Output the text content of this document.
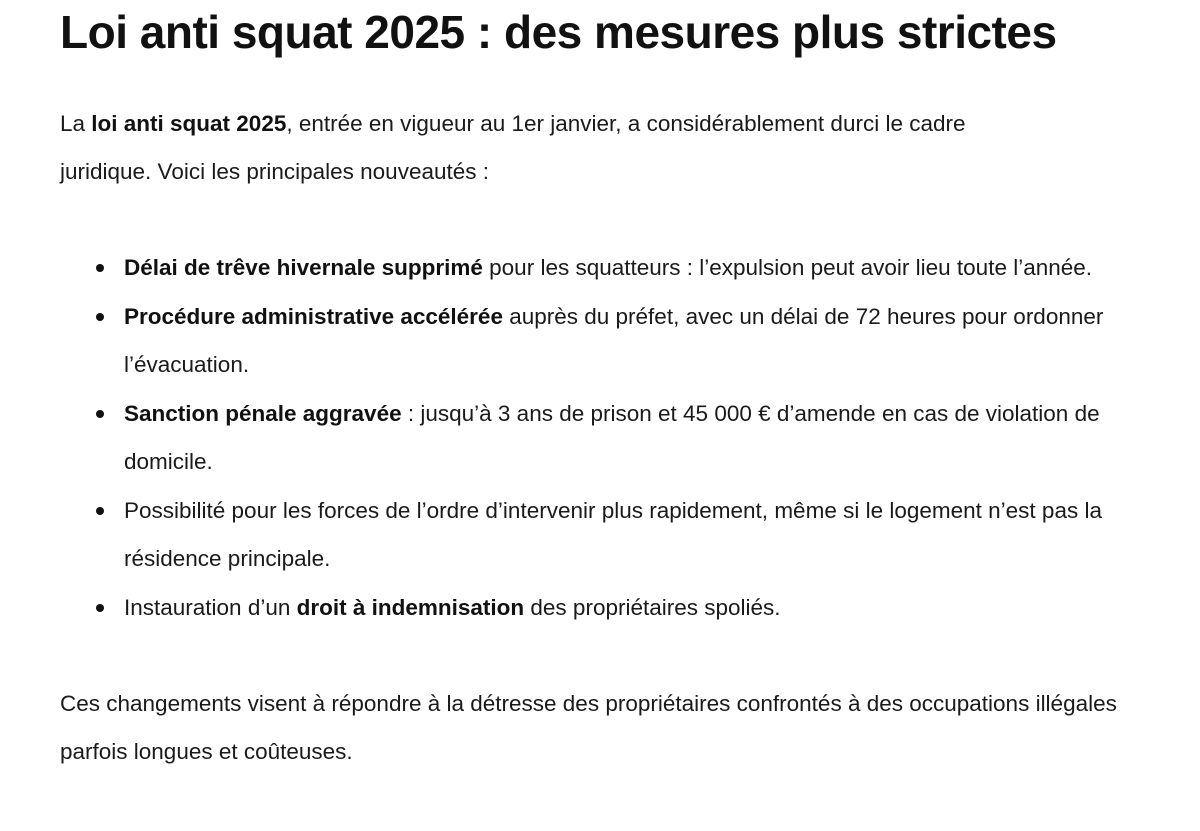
Loi anti squat 2025 : des mesures plus strictes

La loi anti squat 2025, entrée en vigueur au 1er janvier, a considérablement durci le cadre juridique. Voici les principales nouveautés :

Délai de trêve hivernale supprimé pour les squatteurs : l’expulsion peut avoir lieu toute l’année.
Procédure administrative accélérée auprès du préfet, avec un délai de 72 heures pour ordonner l’évacuation.
Sanction pénale aggravée : jusqu’à 3 ans de prison et 45 000 € d’amende en cas de violation de domicile.
Possibilité pour les forces de l’ordre d’intervenir plus rapidement, même si le logement n’est pas la résidence principale.
Instauration d’un droit à indemnisation des propriétaires spoliés.

Ces changements visent à répondre à la détresse des propriétaires confrontés à des occupations illégales parfois longues et coûteuses.
